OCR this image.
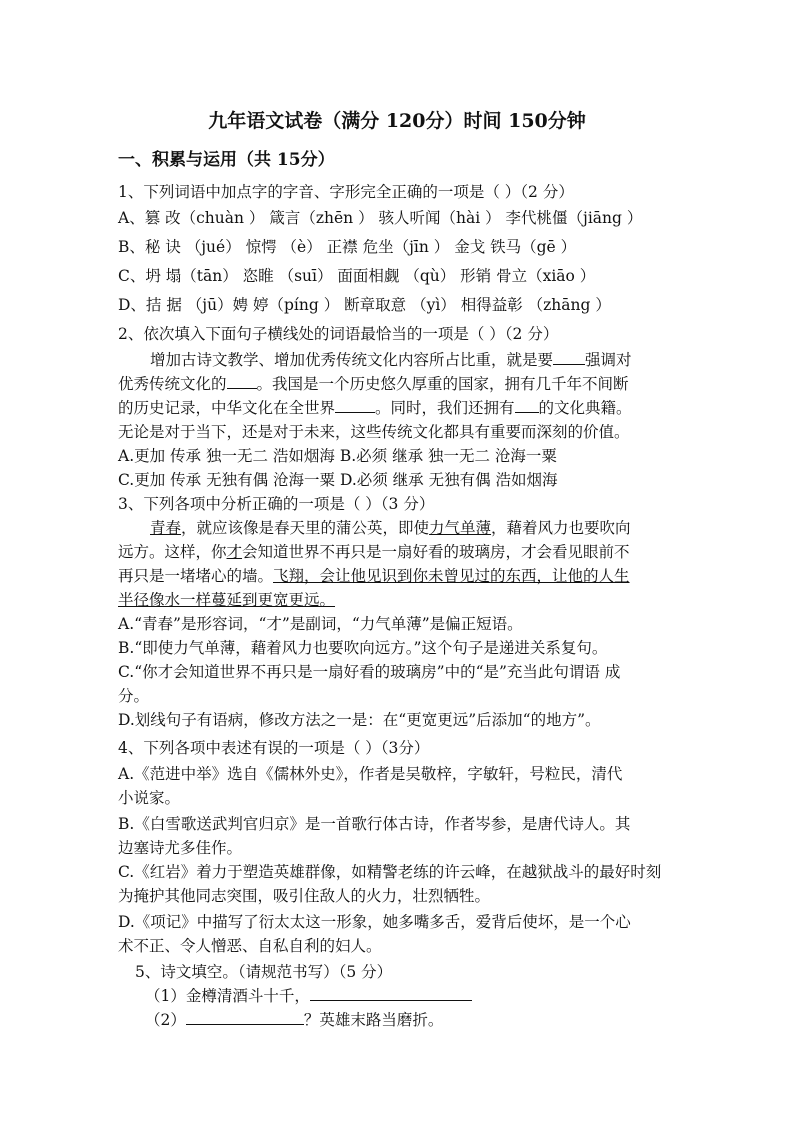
九年语文试卷（满分 120分）时间 150分钟
一、积累与运用（共 15分）
1、下列词语中加点字的字音、字形完全正确的一项是（ ）（2 分）
A、篡 改（chuàn ） 箴言（zhēn ） 骇人听闻（hài ） 李代桃僵（jiāng ）
B、秘 诀 （jué） 惊愕 （è） 正襟 危坐（jīn ） 金戈 铁马（gē ）
C、坍 塌（tān） 恣睢 （suī） 面面相觑 （qù） 形销 骨立（xiāo ）
D、拮 据 （jū）娉 婷（píng ） 断章取意 （yì） 相得益彰 （zhāng ）
2、依次填入下面句子横线处的词语最恰当的一项是（ ）（2 分）
增加古诗文教学、增加优秀传统文化内容所占比重，就是要 强调对
优秀传统文化的 。我国是一个历史悠久厚重的国家，拥有几千年不间断
的历史记录，中华文化在全世界	。同时，我们还拥有 的文化典籍。
无论是对于当下，还是对于未来，这些传统文化都具有重要而深刻的价值。
A.更加 传承 独一无二 浩如烟海 B.必须 继承 独一无二 沧海一粟
C.更加 传承 无独有偶 沧海一粟 D.必须 继承 无独有偶 浩如烟海
3、下列各项中分析正确的一项是（ ）（3 分）
青春，就应该像是春天里的蒲公英，即使力气单薄，藉着风力也要吹向
远方。这样，你才会知道世界不再只是一扇好看的玻璃房，才会看见眼前不
再只是一堵堵心的墙。飞翔，会让他见识到你未曾见过的东西，让他的人生
半径像水一样蔓延到更宽更远。
A.“青春”是形容词，“才”是副词，“力气单薄”是偏正短语。
B.“即使力气单薄，藉着风力也要吹向远方。”这个句子是递进关系复句。
C.“你才会知道世界不再只是一扇好看的玻璃房”中的“是”充当此句谓语 成
分。
D.划线句子有语病，修改方法之一是：在“更宽更远”后添加“的地方”。
4、下列各项中表述有误的一项是（ ）（3分）
A.《范进中举》选自《儒林外史》，作者是吴敬梓，字敏轩，号粒民，清代
小说家。
B.《白雪歌送武判官归京》是一首歌行体古诗，作者岑参，是唐代诗人。其
边塞诗尤多佳作。
C.《红岩》着力于塑造英雄群像，如精警老练的许云峰，在越狱战斗的最好时刻
为掩护其他同志突围，吸引住敌人的火力，壮烈牺牲。
D.《项记》中描写了衍太太这一形象，她多嘴多舌，爱背后使坏，是一个心
术不正、令人憎恶、自私自利的妇人。
5、诗文填空。（请规范书写）（5 分）
（1）金樽清酒斗十千，
（2）	？英雄末路当磨折。
